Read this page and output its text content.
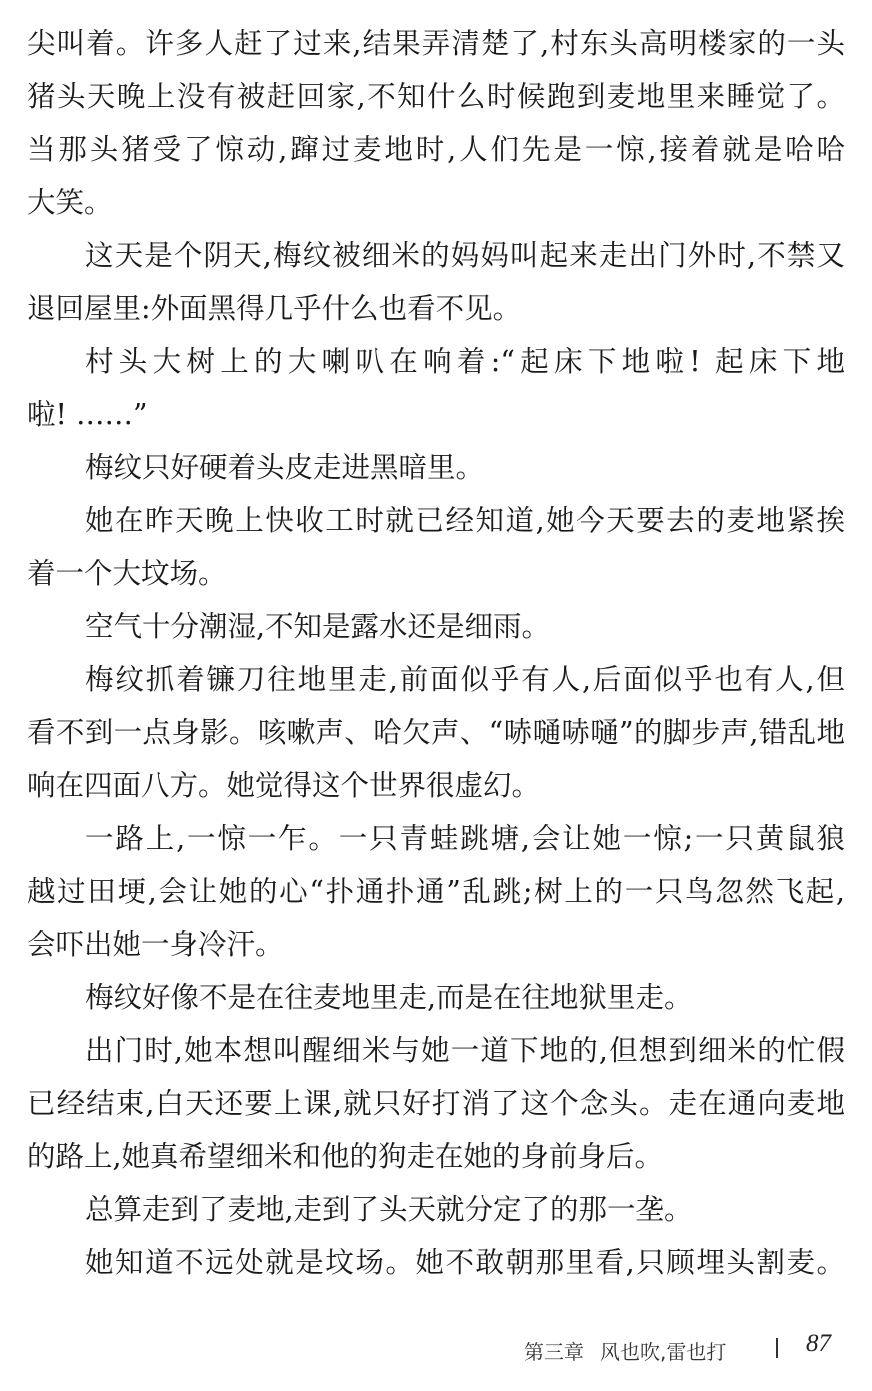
尖叫着。许多人赶了过来,结果弄清楚了,村东头高明楼家的一头
猪头天晚上没有被赶回家,不知什么时候跑到麦地里来睡觉了。
当那头猪受了惊动,蹿过麦地时,人们先是一惊,接着就是哈哈
大笑。
这天是个阴天,梅纹被细米的妈妈叫起来走出门外时,不禁又
退回屋里:外面黑得几乎什么也看不见。
村头大树上的大喇叭在响着:“起床下地啦! 起床下地
啦! ……”
梅纹只好硬着头皮走进黑暗里。
她在昨天晚上快收工时就已经知道,她今天要去的麦地紧挨
着一个大坟场。
空气十分潮湿,不知是露水还是细雨。
梅纹抓着镰刀往地里走,前面似乎有人,后面似乎也有人,但
看不到一点身影。咳嗽声、哈欠声、“哧嗵哧嗵”的脚步声,错乱地
响在四面八方。她觉得这个世界很虚幻。
一路上,一惊一乍。一只青蛙跳塘,会让她一惊;一只黄鼠狼
越过田埂,会让她的心“扑通扑通”乱跳;树上的一只鸟忽然飞起,
会吓出她一身冷汗。
梅纹好像不是在往麦地里走,而是在往地狱里走。
出门时,她本想叫醒细米与她一道下地的,但想到细米的忙假
已经结束,白天还要上课,就只好打消了这个念头。走在通向麦地
的路上,她真希望细米和他的狗走在她的身前身后。
总算走到了麦地,走到了头天就分定了的那一垄。
她知道不远处就是坟场。她不敢朝那里看,只顾埋头割麦。
第三章 风也吹,雷也打	87
